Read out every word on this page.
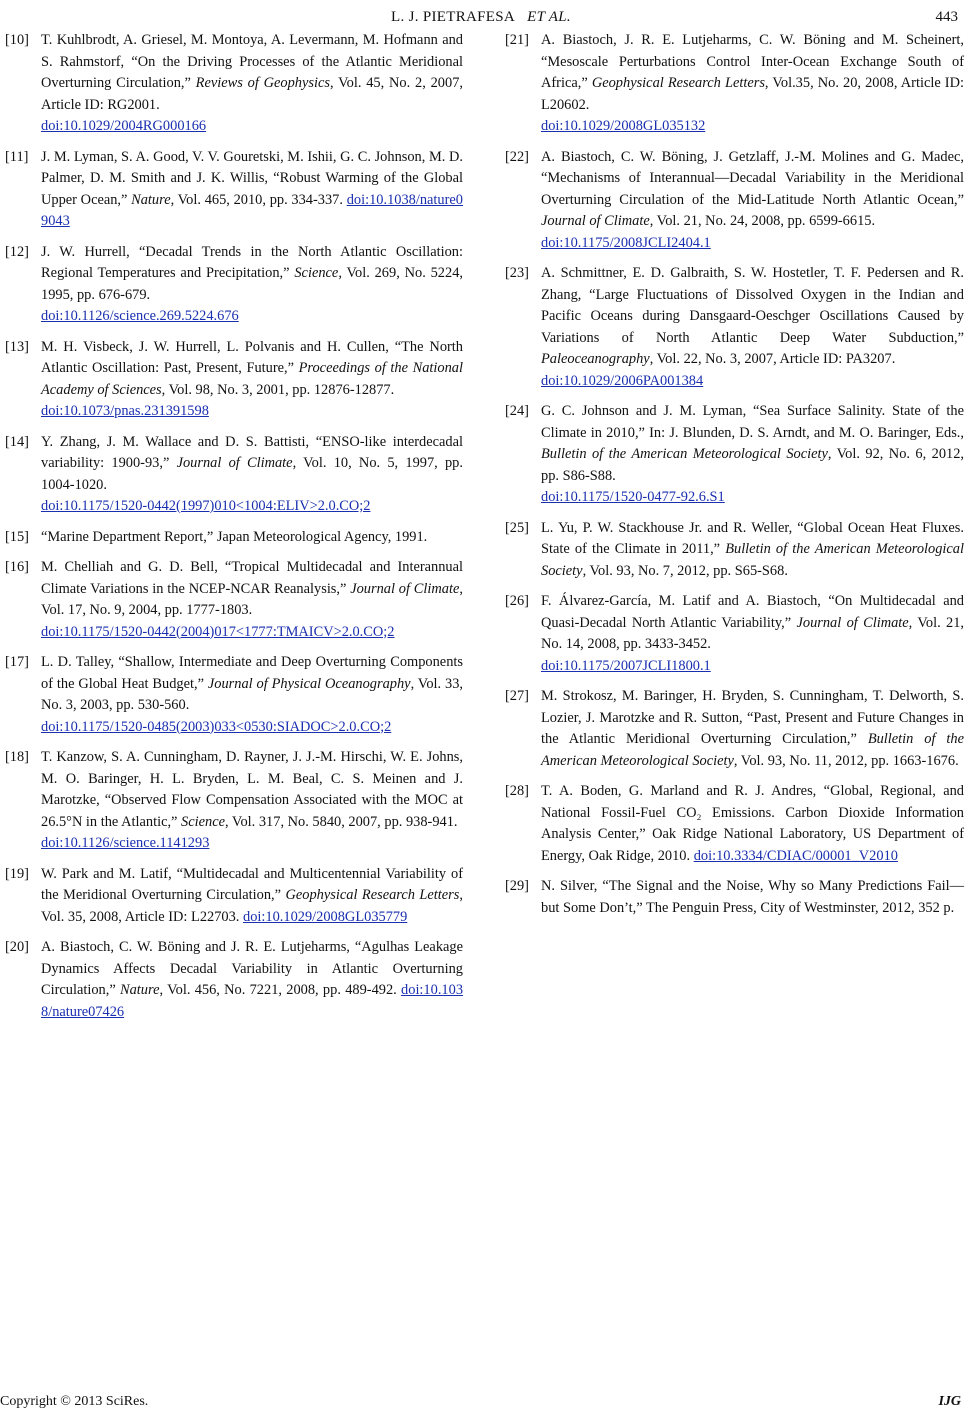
L. J. PIETRAFESA ET AL.	443
[10] T. Kuhlbrodt, A. Griesel, M. Montoya, A. Levermann, M. Hofmann and S. Rahmstorf, “On the Driving Processes of the Atlantic Meridional Overturning Circulation,” Reviews of Geophysics, Vol. 45, No. 2, 2007, Article ID: RG2001.
doi:10.1029/2004RG000166
[11] J. M. Lyman, S. A. Good, V. V. Gouretski, M. Ishii, G. C. Johnson, M. D. Palmer, D. M. Smith and J. K. Willis, “Robust Warming of the Global Upper Ocean,” Nature, Vol. 465, 2010, pp. 334-337. doi:10.1038/nature09043
[12] J. W. Hurrell, “Decadal Trends in the North Atlantic Oscillation: Regional Temperatures and Precipitation,” Science, Vol. 269, No. 5224, 1995, pp. 676-679.
doi:10.1126/science.269.5224.676
[13] M. H. Visbeck, J. W. Hurrell, L. Polvanis and H. Cullen, “The North Atlantic Oscillation: Past, Present, Future,” Proceedings of the National Academy of Sciences, Vol. 98, No. 3, 2001, pp. 12876-12877.
doi:10.1073/pnas.231391598
[14] Y. Zhang, J. M. Wallace and D. S. Battisti, “ENSO-like interdecadal variability: 1900-93,” Journal of Climate, Vol. 10, No. 5, 1997, pp. 1004-1020.
doi:10.1175/1520-0442(1997)010<1004:ELIV>2.0.CO;2
[15] “Marine Department Report,” Japan Meteorological Agency, 1991.
[16] M. Chelliah and G. D. Bell, “Tropical Multidecadal and Interannual Climate Variations in the NCEP-NCAR Reanalysis,” Journal of Climate, Vol. 17, No. 9, 2004, pp. 1777-1803.
doi:10.1175/1520-0442(2004)017<1777:TMAICV>2.0.CO;2
[17] L. D. Talley, “Shallow, Intermediate and Deep Overturning Components of the Global Heat Budget,” Journal of Physical Oceanography, Vol. 33, No. 3, 2003, pp. 530-560.
doi:10.1175/1520-0485(2003)033<0530:SIADOC>2.0.CO;2
[18] T. Kanzow, S. A. Cunningham, D. Rayner, J. J.-M. Hirschi, W. E. Johns, M. O. Baringer, H. L. Bryden, L. M. Beal, C. S. Meinen and J. Marotzke, “Observed Flow Compensation Associated with the MOC at 26.5°N in the Atlantic,” Science, Vol. 317, No. 5840, 2007, pp. 938-941.
doi:10.1126/science.1141293
[19] W. Park and M. Latif, “Multidecadal and Multicentennial Variability of the Meridional Overturning Circulation,” Geophysical Research Letters, Vol. 35, 2008, Article ID: L22703. doi:10.1029/2008GL035779
[20] A. Biastoch, C. W. Böning and J. R. E. Lutjeharms, “Agulhas Leakage Dynamics Affects Decadal Variability in Atlantic Overturning Circulation,” Nature, Vol. 456, No. 7221, 2008, pp. 489-492. doi:10.1038/nature07426
[21] A. Biastoch, J. R. E. Lutjeharms, C. W. Böning and M. Scheinert, “Mesoscale Perturbations Control Inter-Ocean Exchange South of Africa,” Geophysical Research Letters, Vol.35, No. 20, 2008, Article ID: L20602.
doi:10.1029/2008GL035132
[22] A. Biastoch, C. W. Böning, J. Getzlaff, J.-M. Molines and G. Madec, “Mechanisms of Interannual—Decadal Variability in the Meridional Overturning Circulation of the Mid-Latitude North Atlantic Ocean,” Journal of Climate, Vol. 21, No. 24, 2008, pp. 6599-6615.
doi:10.1175/2008JCLI2404.1
[23] A. Schmittner, E. D. Galbraith, S. W. Hostetler, T. F. Pedersen and R. Zhang, “Large Fluctuations of Dissolved Oxygen in the Indian and Pacific Oceans during Dansgaard-Oeschger Oscillations Caused by Variations of North Atlantic Deep Water Subduction,” Paleoceanography, Vol. 22, No. 3, 2007, Article ID: PA3207.
doi:10.1029/2006PA001384
[24] G. C. Johnson and J. M. Lyman, “Sea Surface Salinity. State of the Climate in 2010,” In: J. Blunden, D. S. Arndt, and M. O. Baringer, Eds., Bulletin of the American Meteorological Society, Vol. 92, No. 6, 2012, pp. S86-S88.
doi:10.1175/1520-0477-92.6.S1
[25] L. Yu, P. W. Stackhouse Jr. and R. Weller, “Global Ocean Heat Fluxes. State of the Climate in 2011,” Bulletin of the American Meteorological Society, Vol. 93, No. 7, 2012, pp. S65-S68.
[26] F. Álvarez-García, M. Latif and A. Biastoch, “On Multidecadal and Quasi-Decadal North Atlantic Variability,” Journal of Climate, Vol. 21, No. 14, 2008, pp. 3433-3452.
doi:10.1175/2007JCLI1800.1
[27] M. Strokosz, M. Baringer, H. Bryden, S. Cunningham, T. Delworth, S. Lozier, J. Marotzke and R. Sutton, “Past, Present and Future Changes in the Atlantic Meridional Overturning Circulation,” Bulletin of the American Meteorological Society, Vol. 93, No. 11, 2012, pp. 1663-1676.
[28] T. A. Boden, G. Marland and R. J. Andres, “Global, Regional, and National Fossil-Fuel CO₂ Emissions. Carbon Dioxide Information Analysis Center,” Oak Ridge National Laboratory, US Department of Energy, Oak Ridge, 2010. doi:10.3334/CDIAC/00001_V2010
[29] N. Silver, “The Signal and the Noise, Why so Many Predictions Fail—but Some Don’t,” The Penguin Press, City of Westminster, 2012, 352 p.
Copyright © 2013 SciRes.	IJG
